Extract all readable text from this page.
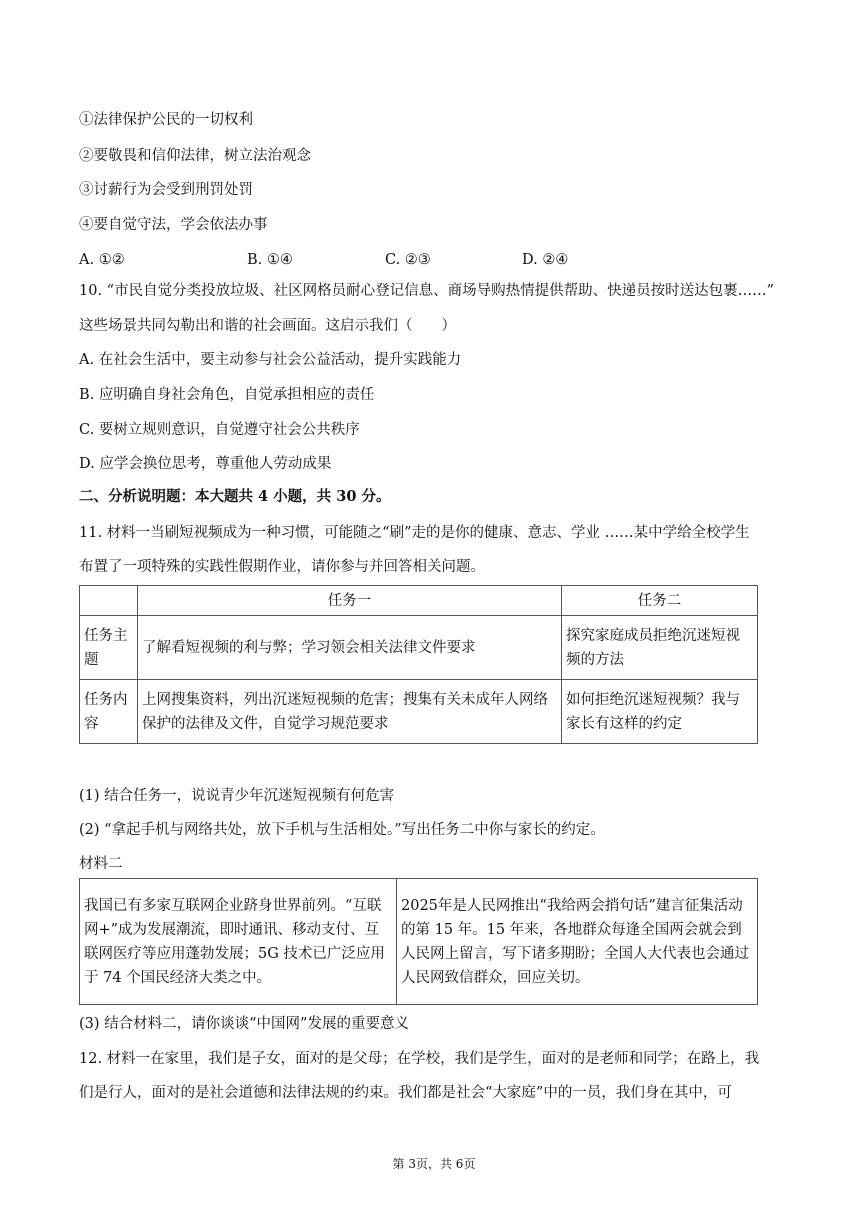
①法律保护公民的一切权利
②要敬畏和信仰法律，树立法治观念
③讨薪行为会受到刑罚处罚
④要自觉守法，学会依法办事
A. ①②	B. ①④	C. ②③	D. ②④
10. “市民自觉分类投放垃圾、社区网格员耐心登记信息、商场导购热情提供帮助、快递员按时送达包裹……”
这些场景共同勾勒出和谐的社会画面。这启示我们（　　）
A. 在社会生活中，要主动参与社会公益活动，提升实践能力
B. 应明确自身社会角色，自觉承担相应的责任
C. 要树立规则意识，自觉遵守社会公共秩序
D. 应学会换位思考，尊重他人劳动成果
二、分析说明题：本大题共 4 小题，共 30 分。
11. 材料一当刷短视频成为一种习惯，可能随之“刷”走的是你的健康、意志、学业 ……某中学给全校学生
布置了一项特殊的实践性假期作业，请你参与并回答相关问题。
	任务一	任务二
任务主题	了解看短视频的利与弊；学习领会相关法律文件要求	探究家庭成员拒绝沉迷短视频的方法
任务内容	上网搜集资料，列出沉迷短视频的危害；搜集有关未成年人网络保护的法律及文件，自觉学习规范要求	如何拒绝沉迷短视频？我与家长有这样的约定
(1) 结合任务一，说说青少年沉迷短视频有何危害
(2) “拿起手机与网络共处，放下手机与生活相处。”写出任务二中你与家长的约定。
材料二
我国已有多家互联网企业跻身世界前列。“互联网+”成为发展潮流，即时通讯、移动支付、互联网医疗等应用蓬勃发展；5G 技术已广泛应用于 74 个国民经济大类之中。	2025年是人民网推出“我给两会捎句话”建言征集活动的第 15 年。15 年来，各地群众每逢全国两会就会到人民网上留言，写下诸多期盼；全国人大代表也会通过人民网致信群众，回应关切。
(3) 结合材料二，请你谈谈“中国网”发展的重要意义
12. 材料一在家里，我们是子女，面对的是父母；在学校，我们是学生，面对的是老师和同学；在路上，我
们是行人，面对的是社会道德和法律法规的约束。我们都是社会“大家庭”中的一员，我们身在其中，可
第 3页，共 6页
